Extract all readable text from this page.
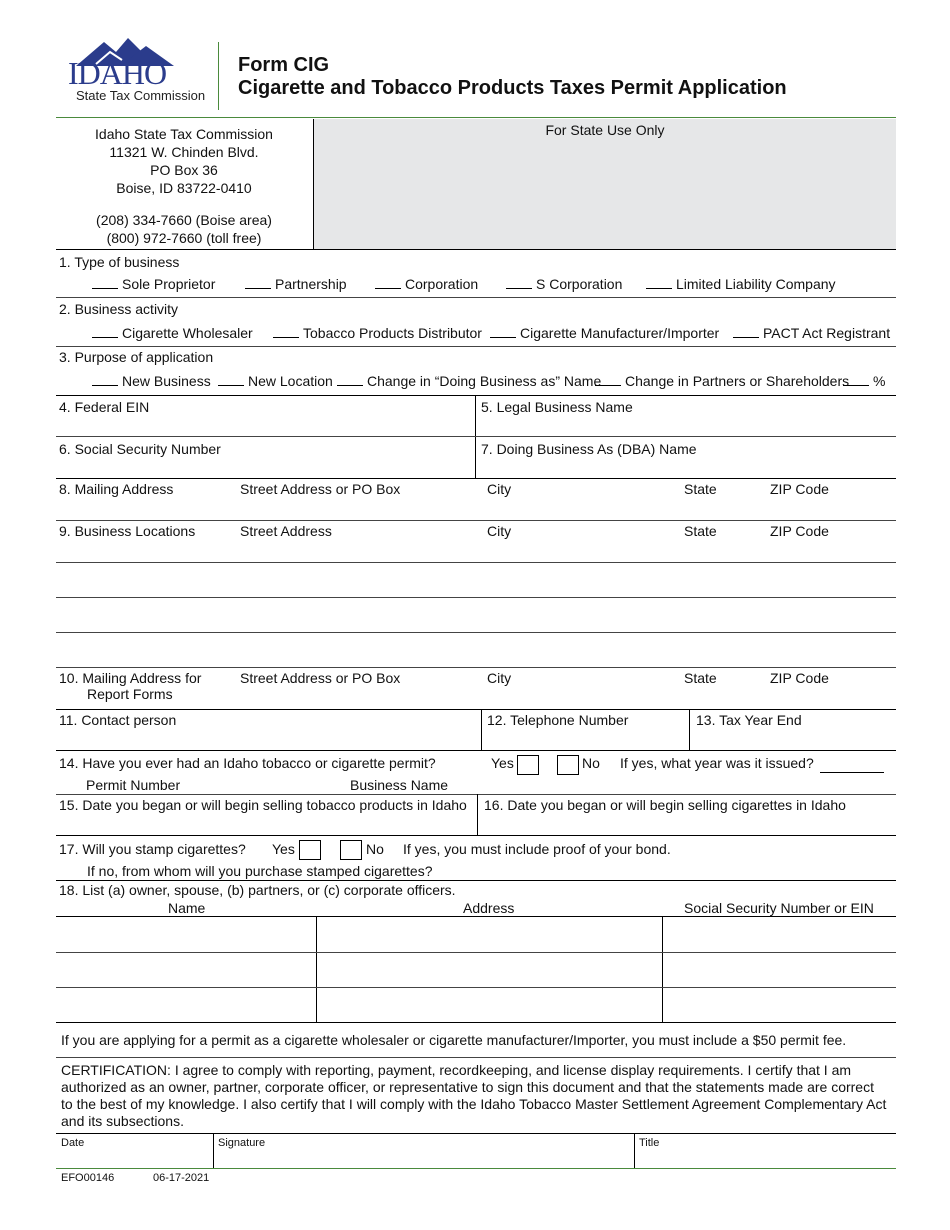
IDAHO
State Tax Commission
Form CIG
Cigarette and Tobacco Products Taxes Permit Application
Idaho State Tax Commission
11321 W. Chinden Blvd.
PO Box 36
Boise, ID 83722-0410
(208) 334-7660 (Boise area)
(800) 972-7660 (toll free)
For State Use Only
1. Type of business
Sole Proprietor	Partnership	Corporation	S Corporation	Limited Liability Company
2. Business activity
Cigarette Wholesaler	Tobacco Products Distributor	Cigarette Manufacturer/Importer	PACT Act Registrant
3. Purpose of application
New Business	New Location	Change in “Doing Business as” Name	Change in Partners or Shareholders	%
4. Federal EIN	5. Legal Business Name
6. Social Security Number	7. Doing Business As (DBA) Name
8. Mailing Address	Street Address or PO Box	City	State	ZIP Code
9. Business Locations	Street Address	City	State	ZIP Code
10. Mailing Address for
Report Forms
Street Address or PO Box	City	State	ZIP Code
11. Contact person	12. Telephone Number	13. Tax Year End
14. Have you ever had an Idaho tobacco or cigarette permit?	Yes	No If yes, what year was it issued?
Permit Number	Business Name
15. Date you began or will begin selling tobacco products in Idaho 16. Date you began or will begin selling cigarettes in Idaho
17. Will you stamp cigarettes? Yes	No If yes, you must include proof of your bond.
If no, from whom will you purchase stamped cigarettes?
18. List (a) owner, spouse, (b) partners, or (c) corporate officers.
Name	Address	Social Security Number or EIN
If you are applying for a permit as a cigarette wholesaler or cigarette manufacturer/Importer, you must include a $50 permit fee.
CERTIFICATION: I agree to comply with reporting, payment, recordkeeping, and license display requirements. I certify that I am
authorized as an owner, partner, corporate officer, or representative to sign this document and that the statements made are correct
to the best of my knowledge. I also certify that I will comply with the Idaho Tobacco Master Settlement Agreement Complementary Act
and its subsections.
Date	Signature	Title
EFO00146	06-17-2021
